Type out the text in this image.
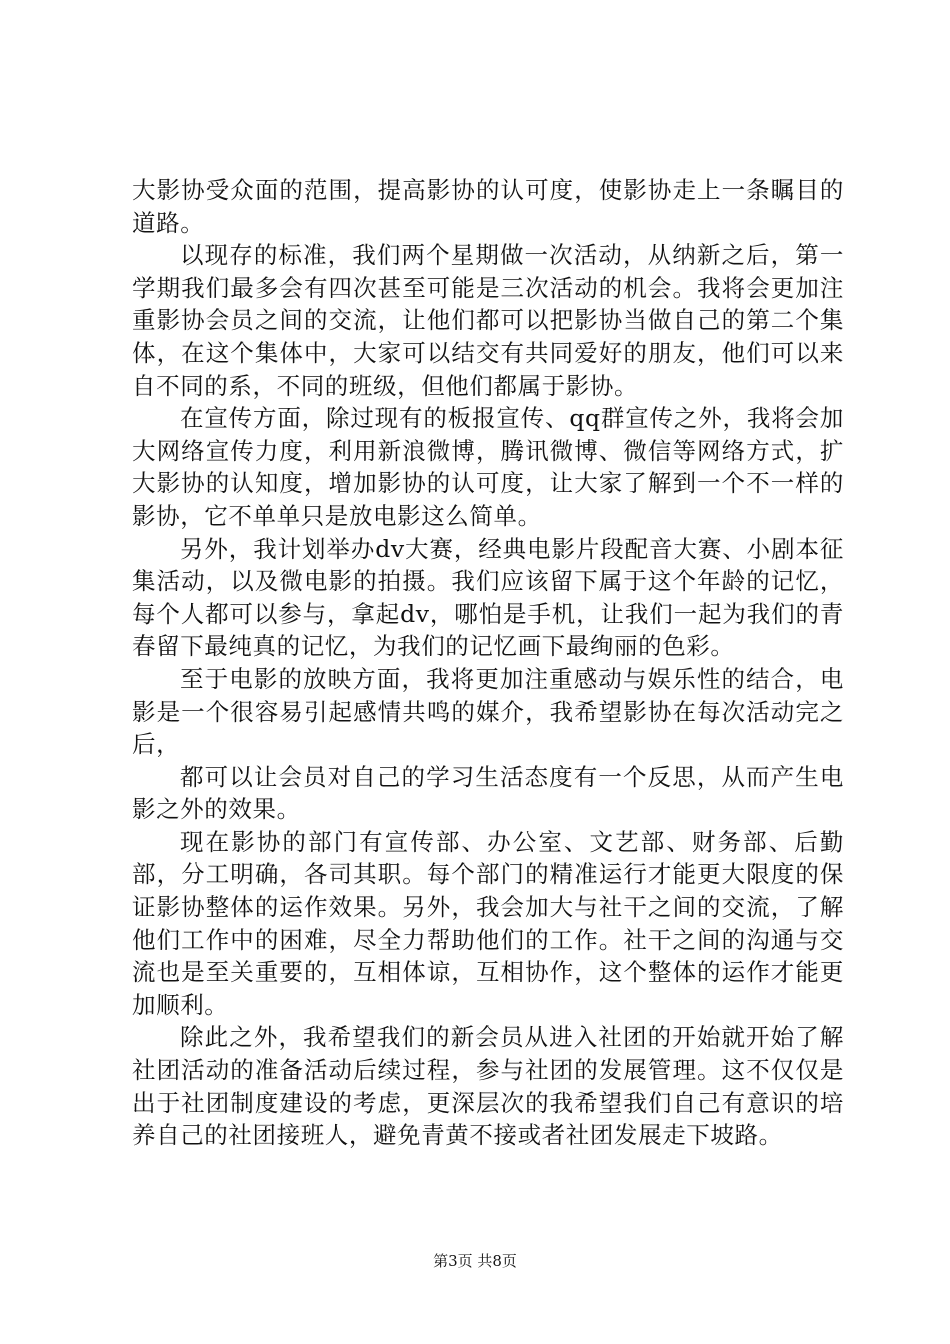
大影协受众面的范围，提高影协的认可度，使影协走上一条瞩目的道路。

以现存的标准，我们两个星期做一次活动，从纳新之后，第一学期我们最多会有四次甚至可能是三次活动的机会。我将会更加注重影协会员之间的交流，让他们都可以把影协当做自己的第二个集体，在这个集体中，大家可以结交有共同爱好的朋友，他们可以来自不同的系，不同的班级，但他们都属于影协。

在宣传方面，除过现有的板报宣传、qq群宣传之外，我将会加大网络宣传力度，利用新浪微博，腾讯微博、微信等网络方式，扩大影协的认知度，增加影协的认可度，让大家了解到一个不一样的影协，它不单单只是放电影这么简单。

另外，我计划举办dv大赛，经典电影片段配音大赛、小剧本征集活动，以及微电影的拍摄。我们应该留下属于这个年龄的记忆，每个人都可以参与，拿起dv，哪怕是手机，让我们一起为我们的青春留下最纯真的记忆，为我们的记忆画下最绚丽的色彩。

至于电影的放映方面，我将更加注重感动与娱乐性的结合，电影是一个很容易引起感情共鸣的媒介，我希望影协在每次活动完之后，

都可以让会员对自己的学习生活态度有一个反思，从而产生电影之外的效果。

现在影协的部门有宣传部、办公室、文艺部、财务部、后勤部，分工明确，各司其职。每个部门的精准运行才能更大限度的保证影协整体的运作效果。另外，我会加大与社干之间的交流，了解他们工作中的困难，尽全力帮助他们的工作。社干之间的沟通与交流也是至关重要的，互相体谅，互相协作，这个整体的运作才能更加顺利。

除此之外，我希望我们的新会员从进入社团的开始就开始了解社团活动的准备活动后续过程，参与社团的发展管理。这不仅仅是出于社团制度建设的考虑，更深层次的我希望我们自己有意识的培养自己的社团接班人，避免青黄不接或者社团发展走下坡路。

第3页 共8页
